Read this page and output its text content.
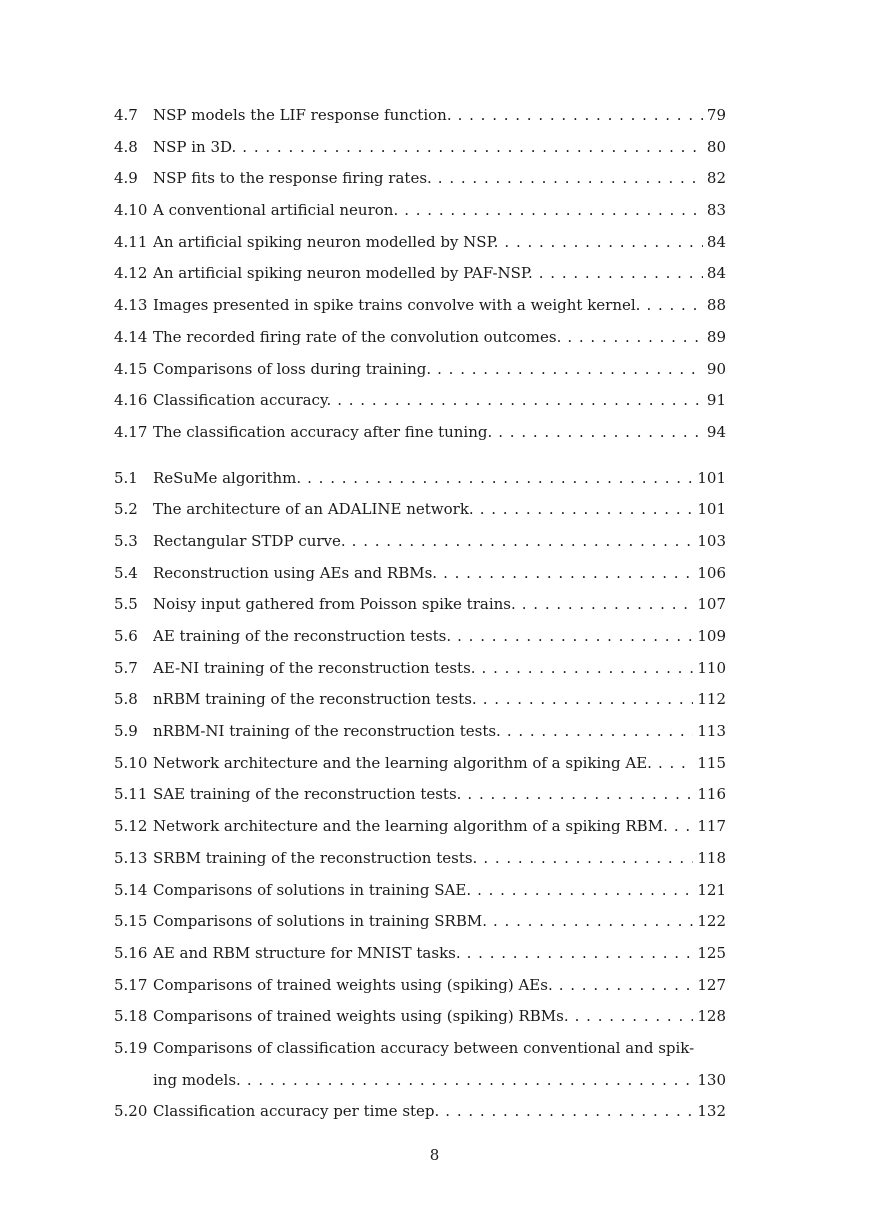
4.7 NSP models the LIF response function. . . .	79
4.8 NSP in 3D. . . .	80
4.9 NSP fits to the response firing rates. . . .	82
4.10 A conventional artificial neuron. . . .	83
4.11 An artificial spiking neuron modelled by NSP. . . .	84
4.12 An artificial spiking neuron modelled by PAF-NSP. . . .	84
4.13 Images presented in spike trains convolve with a weight kernel. . . .	88
4.14 The recorded firing rate of the convolution outcomes. . . .	89
4.15 Comparisons of loss during training. . . .	90
4.16 Classification accuracy. . . .	91
4.17 The classification accuracy after fine tuning. . . .	94
5.1 ReSuMe algorithm. . . .	101
5.2 The architecture of an ADALINE network. . . .	101
5.3 Rectangular STDP curve. . . .	103
5.4 Reconstruction using AEs and RBMs. . . .	106
5.5 Noisy input gathered from Poisson spike trains. . . .	107
5.6 AE training of the reconstruction tests. . . .	109
5.7 AE-NI training of the reconstruction tests. . . .	110
5.8 nRBM training of the reconstruction tests. . . .	112
5.9 nRBM-NI training of the reconstruction tests. . . .	113
5.10 Network architecture and the learning algorithm of a spiking AE. . . .	115
5.11 SAE training of the reconstruction tests. . . .	116
5.12 Network architecture and the learning algorithm of a spiking RBM. . . .	117
5.13 SRBM training of the reconstruction tests. . . .	118
5.14 Comparisons of solutions in training SAE. . . .	121
5.15 Comparisons of solutions in training SRBM. . . .	122
5.16 AE and RBM structure for MNIST tasks. . . .	125
5.17 Comparisons of trained weights using (spiking) AEs. . . .	127
5.18 Comparisons of trained weights using (spiking) RBMs. . . .	128
5.19 Comparisons of classification accuracy between conventional and spik-
ing models. . . .	130
5.20 Classification accuracy per time step. . . .	132
8
